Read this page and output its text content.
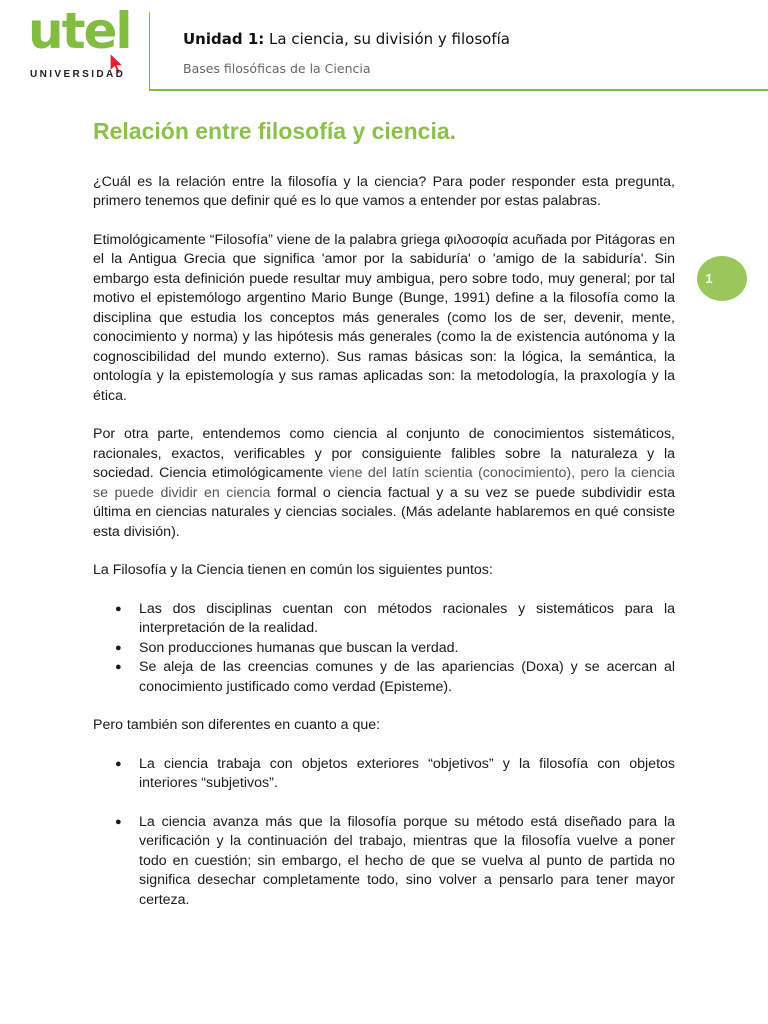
utel
UNIVERSIDAD
Unidad 1: La ciencia, su división y filosofía
Bases filosóficas de la Ciencia
1
Relación entre filosofía y ciencia.

¿Cuál es la relación entre la filosofía y la ciencia? Para poder responder esta pregunta, primero tenemos que definir qué es lo que vamos a entender por estas palabras.

Etimológicamente “Filosofía” viene de la palabra griega φιλοσοφία acuñada por Pitágoras en el la Antigua Grecia que significa 'amor por la sabiduría' o 'amigo de la sabiduría'. Sin embargo esta definición puede resultar muy ambigua, pero sobre todo, muy general; por tal motivo el epistemólogo argentino Mario Bunge (Bunge, 1991) define a la filosofía como la disciplina que estudia los conceptos más generales (como los de ser, devenir, mente, conocimiento y norma) y las hipótesis más generales (como la de existencia autónoma y la cognoscibilidad del mundo externo). Sus ramas básicas son: la lógica, la semántica, la ontología y la epistemología y sus ramas aplicadas son: la metodología, la praxología y la ética.

Por otra parte, entendemos como ciencia al conjunto de conocimientos sistemáticos, racionales, exactos, verificables y por consiguiente falibles sobre la naturaleza y la sociedad. Ciencia etimológicamente viene del latín scientia (conocimiento), pero la ciencia se puede dividir en ciencia formal o ciencia factual y a su vez se puede subdividir esta última en ciencias naturales y ciencias sociales. (Más adelante hablaremos en qué consiste esta división).

La Filosofía y la Ciencia tienen en común los siguientes puntos:

● Las dos disciplinas cuentan con métodos racionales y sistemáticos para la interpretación de la realidad.
● Son producciones humanas que buscan la verdad.
● Se aleja de las creencias comunes y de las apariencias (Doxa) y se acercan al conocimiento justificado como verdad (Episteme).

Pero también son diferentes en cuanto a que:

● La ciencia trabaja con objetos exteriores “objetivos” y la filosofía con objetos interiores “subjetivos”.
● La ciencia avanza más que la filosofía porque su método está diseñado para la verificación y la continuación del trabajo, mientras que la filosofía vuelve a poner todo en cuestión; sin embargo, el hecho de que se vuelva al punto de partida no significa desechar completamente todo, sino volver a pensarlo para tener mayor certeza.
